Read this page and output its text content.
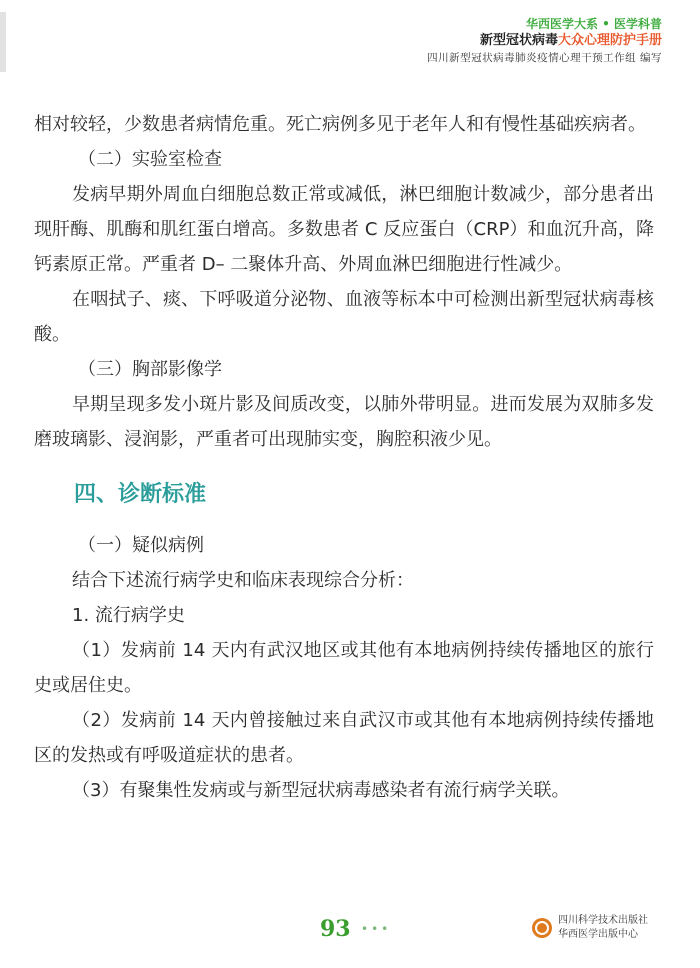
华西医学大系 • 医学科普
新型冠状病毒大众心理防护手册
四川新型冠状病毒肺炎疫情心理干预工作组 编写

相对较轻，少数患者病情危重。死亡病例多见于老年人和有慢性基础疾病者。

（二）实验室检查

发病早期外周血白细胞总数正常或减低，淋巴细胞计数减少，部分患者出现肝酶、肌酶和肌红蛋白增高。多数患者 C 反应蛋白（CRP）和血沉升高，降钙素原正常。严重者 D– 二聚体升高、外周血淋巴细胞进行性减少。

在咽拭子、痰、下呼吸道分泌物、血液等标本中可检测出新型冠状病毒核酸。

（三）胸部影像学

早期呈现多发小斑片影及间质改变，以肺外带明显。进而发展为双肺多发磨玻璃影、浸润影，严重者可出现肺实变，胸腔积液少见。

四、诊断标准

（一）疑似病例

结合下述流行病学史和临床表现综合分析：

1. 流行病学史

（1）发病前 14 天内有武汉地区或其他有本地病例持续传播地区的旅行史或居住史。

（2）发病前 14 天内曾接触过来自武汉市或其他有本地病例持续传播地区的发热或有呼吸道症状的患者。

（3）有聚集性发病或与新型冠状病毒感染者有流行病学关联。

93 •••
四川科学技术出版社
华西医学出版中心
